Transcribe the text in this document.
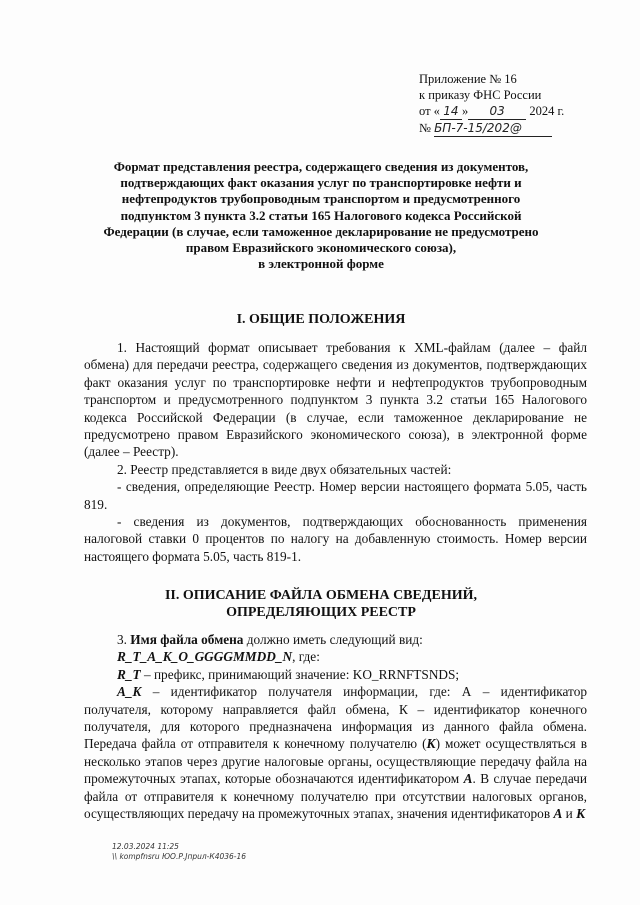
Приложение № 16
к приказу ФНС России
от « 14 » 03 2024 г.
№ БП-7-15/202@
Формат представления реестра, содержащего сведения из документов,
подтверждающих факт оказания услуг по транспортировке нефти и
нефтепродуктов трубопроводным транспортом и предусмотренного
подпунктом 3 пункта 3.2 статьи 165 Налогового кодекса Российской
Федерации (в случае, если таможенное декларирование не предусмотрено
правом Евразийского экономического союза),
в электронной форме
I. ОБЩИЕ ПОЛОЖЕНИЯ

1. Настоящий формат описывает требования к XML-файлам (далее – файл обмена) для передачи реестра, содержащего сведения из документов, подтверждающих факт оказания услуг по транспортировке нефти и нефтепродуктов трубопроводным транспортом и предусмотренного подпунктом 3 пункта 3.2 статьи 165 Налогового кодекса Российской Федерации (в случае, если таможенное декларирование не предусмотрено правом Евразийского экономического союза), в электронной форме (далее – Реестр).

2. Реестр представляется в виде двух обязательных частей:

- сведения, определяющие Реестр. Номер версии настоящего формата 5.05, часть 819.

- сведения из документов, подтверждающих обоснованность применения налоговой ставки 0 процентов по налогу на добавленную стоимость. Номер версии настоящего формата 5.05, часть 819-1.

II. ОПИСАНИЕ ФАЙЛА ОБМЕНА СВЕДЕНИЙ,
ОПРЕДЕЛЯЮЩИХ РЕЕСТР

3. Имя файла обмена должно иметь следующий вид:

R_T_A_K_O_GGGGMMDD_N, где:

R_T – префикс, принимающий значение: KO_RRNFTSNDS;

A_K – идентификатор получателя информации, где: А – идентификатор получателя, которому направляется файл обмена, К – идентификатор конечного получателя, для которого предназначена информация из данного файла обмена. Передача файла от отправителя к конечному получателю (К) может осуществляться в несколько этапов через другие налоговые органы, осуществляющие передачу файла на промежуточных этапах, которые обозначаются идентификатором А. В случае передачи файла от отправителя к конечному получателю при отсутствии налоговых органов, осуществляющих передачу на промежуточных этапах, значения идентификаторов А и К

12.03.2024 11:25
\\ kompfnsru ЮО.Р.Јпрuл-К4036-16
